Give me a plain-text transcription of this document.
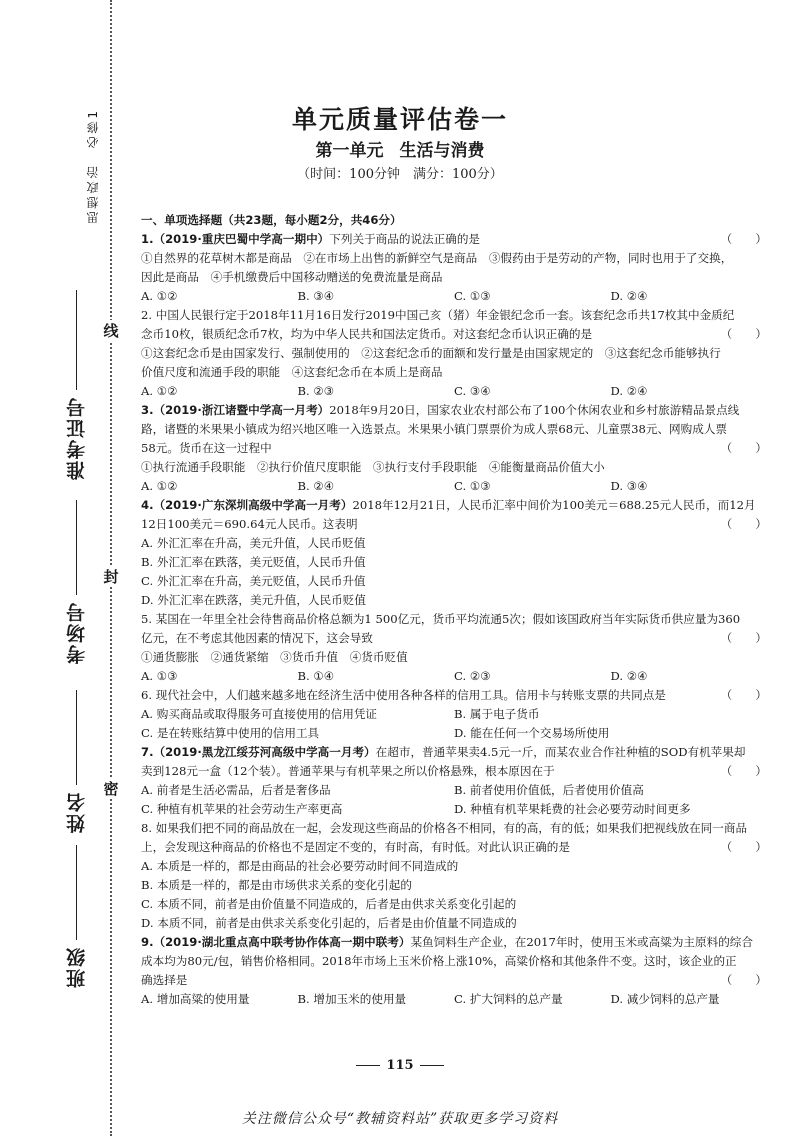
思想政治　必修1
准考证号
考场号
姓名
班级
线
封
密
单元质量评估卷一
第一单元 生活与消费
（时间：100分钟　满分：100分）
一、单项选择题（共23题，每小题2分，共46分）
1.（2019·重庆巴蜀中学高一期中）下列关于商品的说法正确的是	（　　）
①自然界的花草树木都是商品　②在市场上出售的新鲜空气是商品　③假药由于是劳动的产物，同时也用于了交换，
因此是商品　④手机缴费后中国移动赠送的免费流量是商品
A. ①②	B. ③④	C. ①③	D. ②④
2. 中国人民银行定于2018年11月16日发行2019中国己亥（猪）年金银纪念币一套。该套纪念币共17枚其中金质纪
念币10枚，银质纪念币7枚，均为中华人民共和国法定货币。对这套纪念币认识正确的是	（　　）
①这套纪念币是由国家发行、强制使用的　②这套纪念币的面额和发行量是由国家规定的　③这套纪念币能够执行
价值尺度和流通手段的职能　④这套纪念币在本质上是商品
A. ①②	B. ②③	C. ③④	D. ②④
3.（2019·浙江诸暨中学高一月考）2018年9月20日，国家农业农村部公布了100个休闲农业和乡村旅游精品景点线
路，诸暨的米果果小镇成为绍兴地区唯一入选景点。米果果小镇门票票价为成人票68元、儿童票38元、网购成人票
58元。货币在这一过程中	（　　）
①执行流通手段职能　②执行价值尺度职能　③执行支付手段职能　④能衡量商品价值大小
A. ①②	B. ②④	C. ①③	D. ③④
4.（2019·广东深圳高级中学高一月考）2018年12月21日，人民币汇率中间价为100美元＝688.25元人民币，而12月
12日100美元＝690.64元人民币。这表明	（　　）
A. 外汇汇率在升高，美元升值，人民币贬值
B. 外汇汇率在跌落，美元贬值，人民币升值
C. 外汇汇率在升高，美元贬值，人民币升值
D. 外汇汇率在跌落，美元升值，人民币贬值
5. 某国在一年里全社会待售商品价格总额为1 500亿元，货币平均流通5次；假如该国政府当年实际货币供应量为360
亿元，在不考虑其他因素的情况下，这会导致	（　　）
①通货膨胀　②通货紧缩　③货币升值　④货币贬值
A. ①③	B. ①④	C. ②③	D. ②④
6. 现代社会中，人们越来越多地在经济生活中使用各种各样的信用工具。信用卡与转账支票的共同点是	（　　）
A. 购买商品或取得服务可直接使用的信用凭证	B. 属于电子货币
C. 是在转账结算中使用的信用工具	D. 能在任何一个交易场所使用
7.（2019·黑龙江绥芬河高级中学高一月考）在超市，普通苹果卖4.5元一斤，而某农业合作社种植的SOD有机苹果却
卖到128元一盒（12个装）。普通苹果与有机苹果之所以价格悬殊，根本原因在于	（　　）
A. 前者是生活必需品，后者是奢侈品	B. 前者使用价值低，后者使用价值高
C. 种植有机苹果的社会劳动生产率更高	D. 种植有机苹果耗费的社会必要劳动时间更多
8. 如果我们把不同的商品放在一起，会发现这些商品的价格各不相同，有的高，有的低；如果我们把视线放在同一商品
上，会发现这种商品的价格也不是固定不变的，有时高，有时低。对此认识正确的是	（　　）
A. 本质是一样的，都是由商品的社会必要劳动时间不同造成的
B. 本质是一样的，都是由市场供求关系的变化引起的
C. 本质不同，前者是由价值量不同造成的，后者是由供求关系变化引起的
D. 本质不同，前者是由供求关系变化引起的，后者是由价值量不同造成的
9.（2019·湖北重点高中联考协作体高一期中联考）某鱼饲料生产企业，在2017年时，使用玉米或高粱为主原料的综合
成本均为80元/包，销售价格相同。2018年市场上玉米价格上涨10%，高粱价格和其他条件不变。这时，该企业的正
确选择是	（　　）
A. 增加高粱的使用量	B. 增加玉米的使用量	C. 扩大饲料的总产量	D. 减少饲料的总产量
115
关注微信公众号“教辅资料站”获取更多学习资料
